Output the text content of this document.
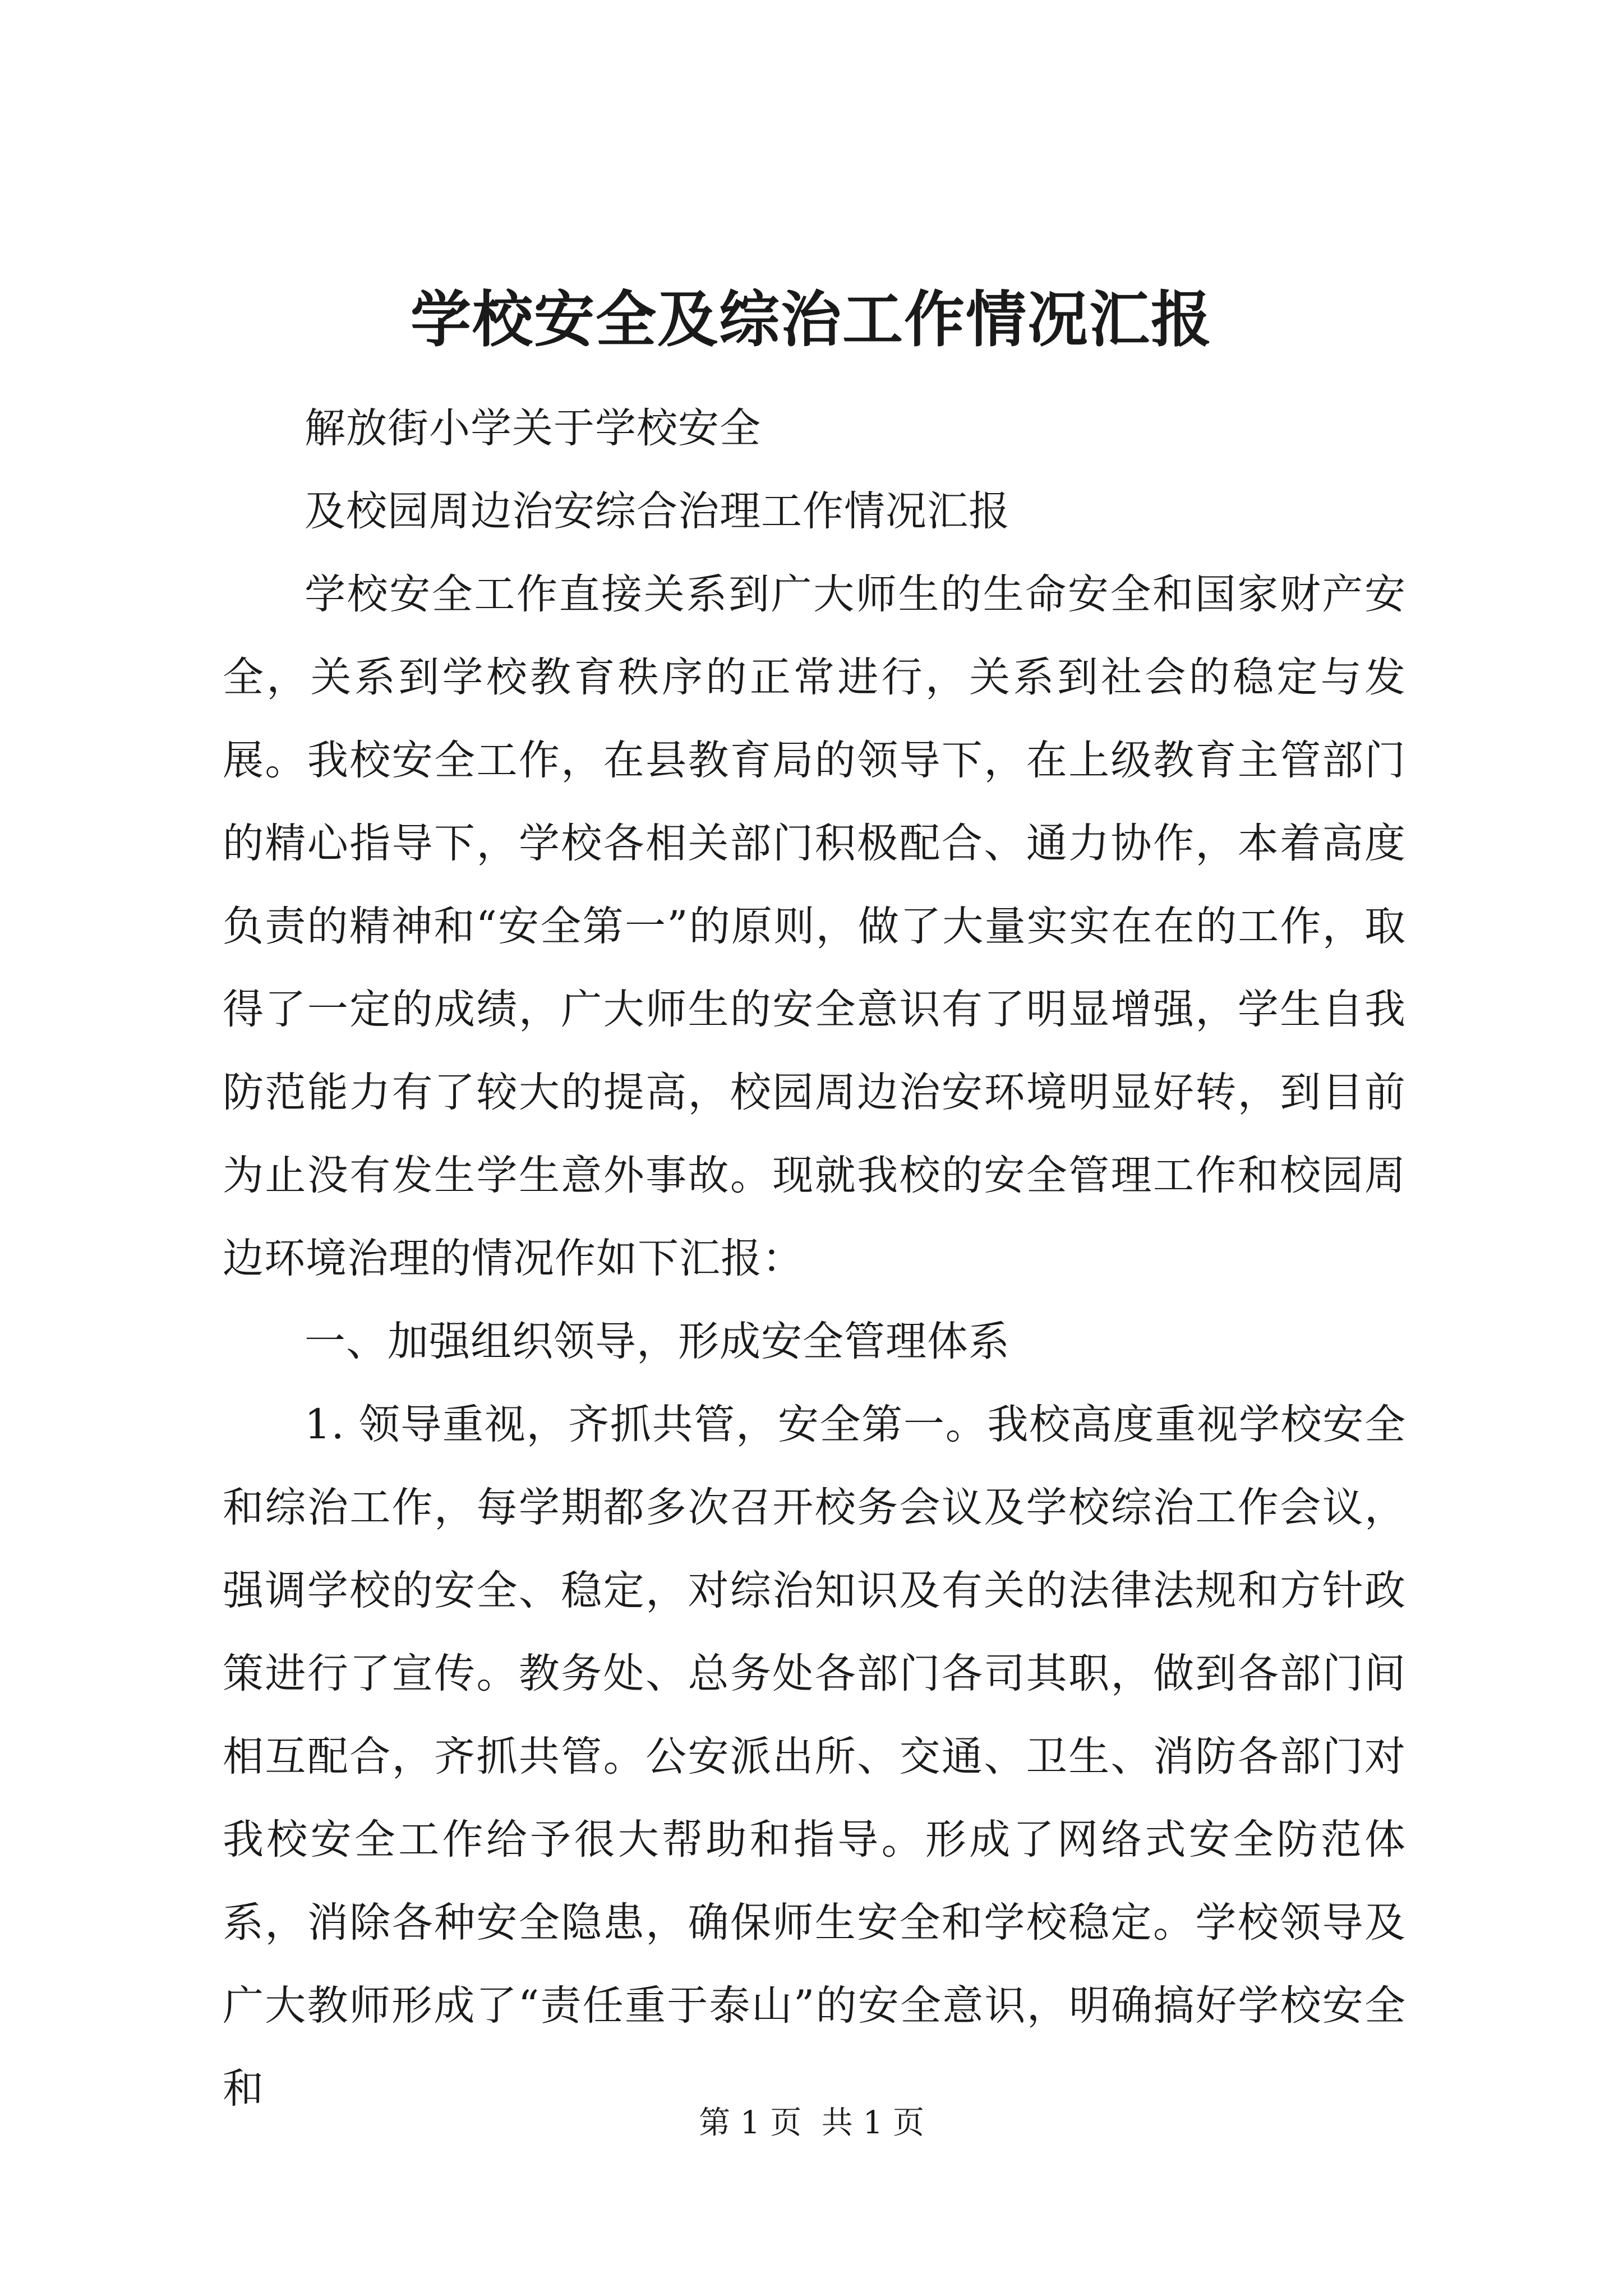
学校安全及综治工作情况汇报

解放街小学关于学校安全

及校园周边治安综合治理工作情况汇报

学校安全工作直接关系到广大师生的生命安全和国家财产安全，关系到学校教育秩序的正常进行，关系到社会的稳定与发展。我校安全工作，在县教育局的领导下，在上级教育主管部门的精心指导下，学校各相关部门积极配合、通力协作，本着高度负责的精神和“安全第一”的原则，做了大量实实在在的工作，取得了一定的成绩，广大师生的安全意识有了明显增强，学生自我防范能力有了较大的提高，校园周边治安环境明显好转，到目前为止没有发生学生意外事故。现就我校的安全管理工作和校园周边环境治理的情况作如下汇报：

一、加强组织领导，形成安全管理体系

1. 领导重视，齐抓共管，安全第一。我校高度重视学校安全和综治工作，每学期都多次召开校务会议及学校综治工作会议，强调学校的安全、稳定，对综治知识及有关的法律法规和方针政策进行了宣传。教务处、总务处各部门各司其职，做到各部门间相互配合，齐抓共管。公安派出所、交通、卫生、消防各部门对我校安全工作给予很大帮助和指导。形成了网络式安全防范体系，消除各种安全隐患，确保师生安全和学校稳定。学校领导及广大教师形成了“责任重于泰山”的安全意识，明确搞好学校安全和

第 1 页  共 1 页
